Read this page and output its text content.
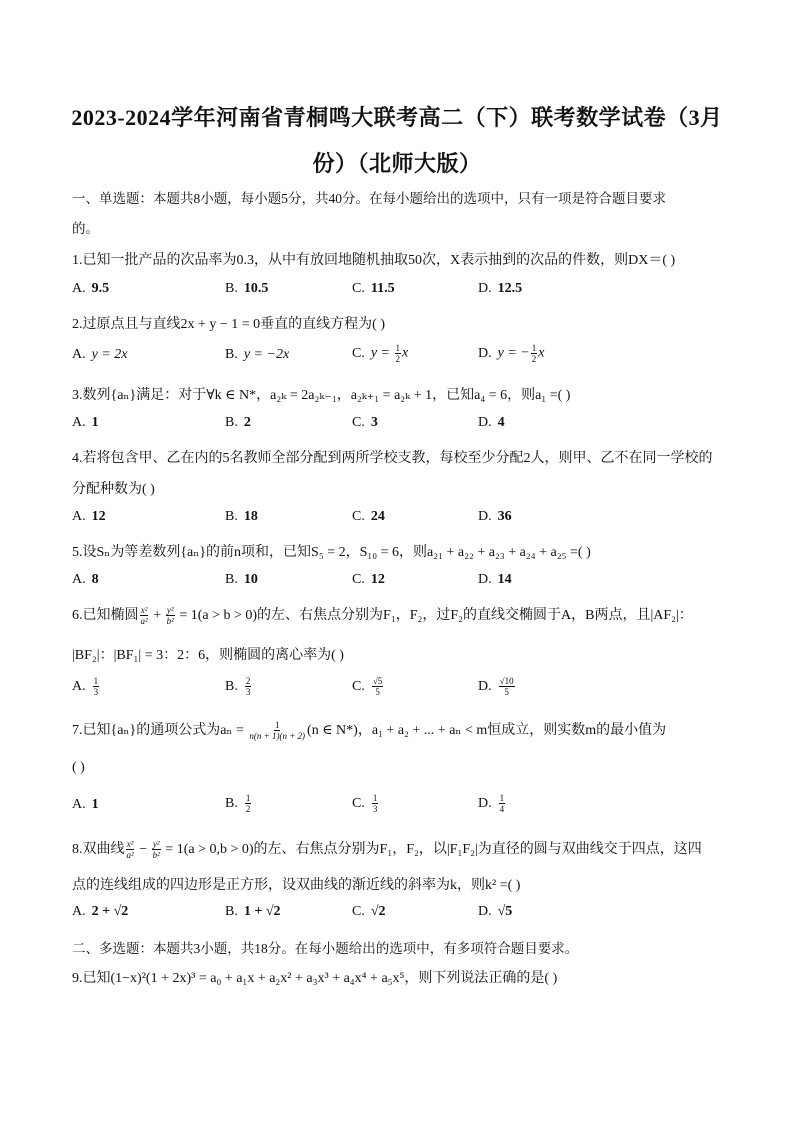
2023-2024学年河南省青桐鸣大联考高二（下）联考数学试卷（3月
份）（北师大版）
一、单选题：本题共8小题，每小题5分，共40分。在每小题给出的选项中，只有一项是符合题目要求
的。
1.已知一批产品的次品率为0.3，从中有放回地随机抽取50次，X表示抽到的次品的件数，则DX＝( )
A. 9.5	B. 10.5	C. 11.5	D. 12.5
2.过原点且与直线2x + y − 1 = 0垂直的直线方程为( )
A. y = 2x	B. y = −2x	C. $y = \frac{1}{2}$ x	D. y = − $\frac{1}{2}$ x
3.数列{aₙ}满足：对于∀k ∈ N*，a₂ₖ = 2a₂ₖ₋₁，a₂ₖ₊₁ = a₂ₖ + 1，已知a₄ = 6，则a₁ =( )
A. 1	B. 2	C. 3	D. 4
4.若将包含甲、乙在内的5名教师全部分配到两所学校支教，每校至少分配2人，则甲、乙不在同一学校的
分配种数为( )
A. 12	B. 18	C. 24	D. 36
5.设Sₙ为等差数列{aₙ}的前n项和，已知S₅ = 2，S₁₀ = 6，则a₂₁ + a₂₂ + a₂₃ + a₂₄ + a₂₅ =( )
A. 8	B. 10	C. 12	D. 14
6.已知椭圆 $\frac{\text{x²}}{\text{a²}} + \frac{\text{y²}}{\text{b²}} = 1(a > b > 0)$的左、右焦点分别为F₁，F₂，过F₂的直线交椭圆于A，B两点，且|AF₂|：
|BF₂|：|BF₁| = 3：2：6，则椭圆的离心率为( )
A. $\frac{1}{3}$	B. $\frac{2}{3}$	C. $\frac{√5}{5}$	D. $\frac{√10}{5}$
7.已知{aₙ}的通项公式为$a_n = \frac{1}{n(n + 1)(n + 2)} (n$ ∈ N*)，a₁ + a₂ + ... + aₙ < m恒成立，则实数m的最小值为
( )
A. 1	B. $\frac{1}{2}$	C. $\frac{1}{3}$	D. $\frac{1}{4}$
8.双曲线 $\frac{\text{x²}}{\text{a²}} - \frac{\text{y²}}{\text{b²}} = 1(a > 0,b > 0)$的左、右焦点分别为F₁，F₂，以|F₁F₂|为直径的圆与双曲线交于四点，这四
点的连线组成的四边形是正方形，设双曲线的渐近线的斜率为k，则k² =( )
A. 2 + √2	B. 1 + √2	C. √2	D. √5
二、多选题：本题共3小题，共18分。在每小题给出的选项中，有多项符合题目要求。
9.已知(1−x)²(1 + 2x)³ = a₀ + a₁x + a₂x² + a₃x³ + a₄x⁴ + a₅x⁵，则下列说法正确的是( )
